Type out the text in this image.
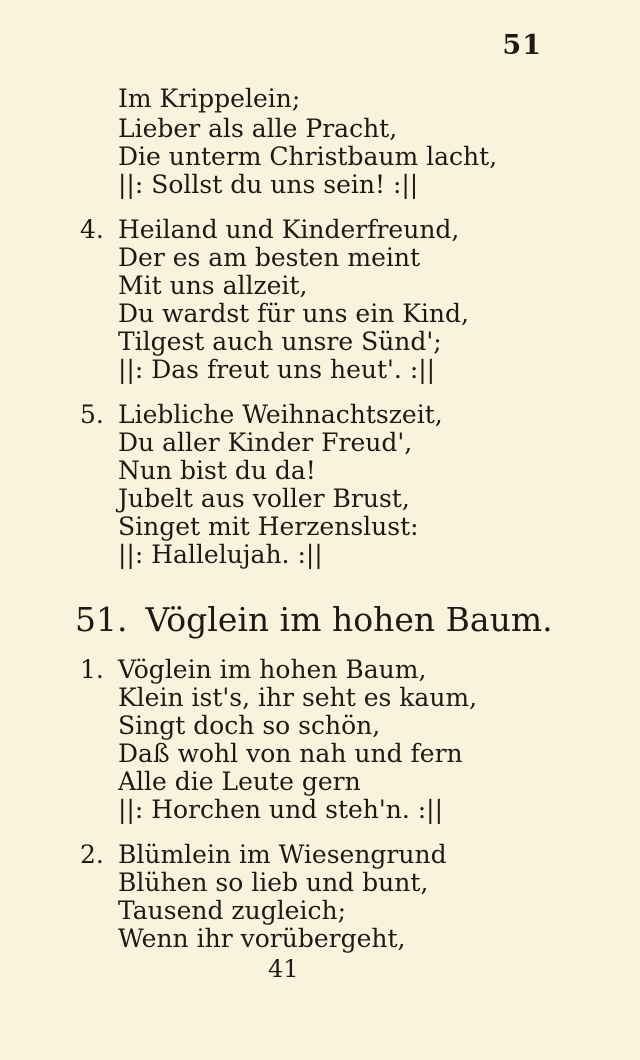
51
Im Krippelein;
Lieber als alle Pracht,
Die unterm Christbaum lacht,
||: Sollst du uns sein! :||
4. Heiland und Kinderfreund,
Der es am besten meint
Mit uns allzeit,
Du wardst für uns ein Kind,
Tilgest auch unsre Sünd';
||: Das freut uns heut'. :||
5. Liebliche Weihnachtszeit,
Du aller Kinder Freud',
Nun bist du da!
Jubelt aus voller Brust,
Singet mit Herzenslust:
||: Hallelujah. :||
51. Vöglein im hohen Baum.
1. Vöglein im hohen Baum,
Klein ist's, ihr seht es kaum,
Singt doch so schön,
Daß wohl von nah und fern
Alle die Leute gern
||: Horchen und steh'n. :||
2. Blümlein im Wiesengrund
Blühen so lieb und bunt,
Tausend zugleich;
Wenn ihr vorübergeht,
41
